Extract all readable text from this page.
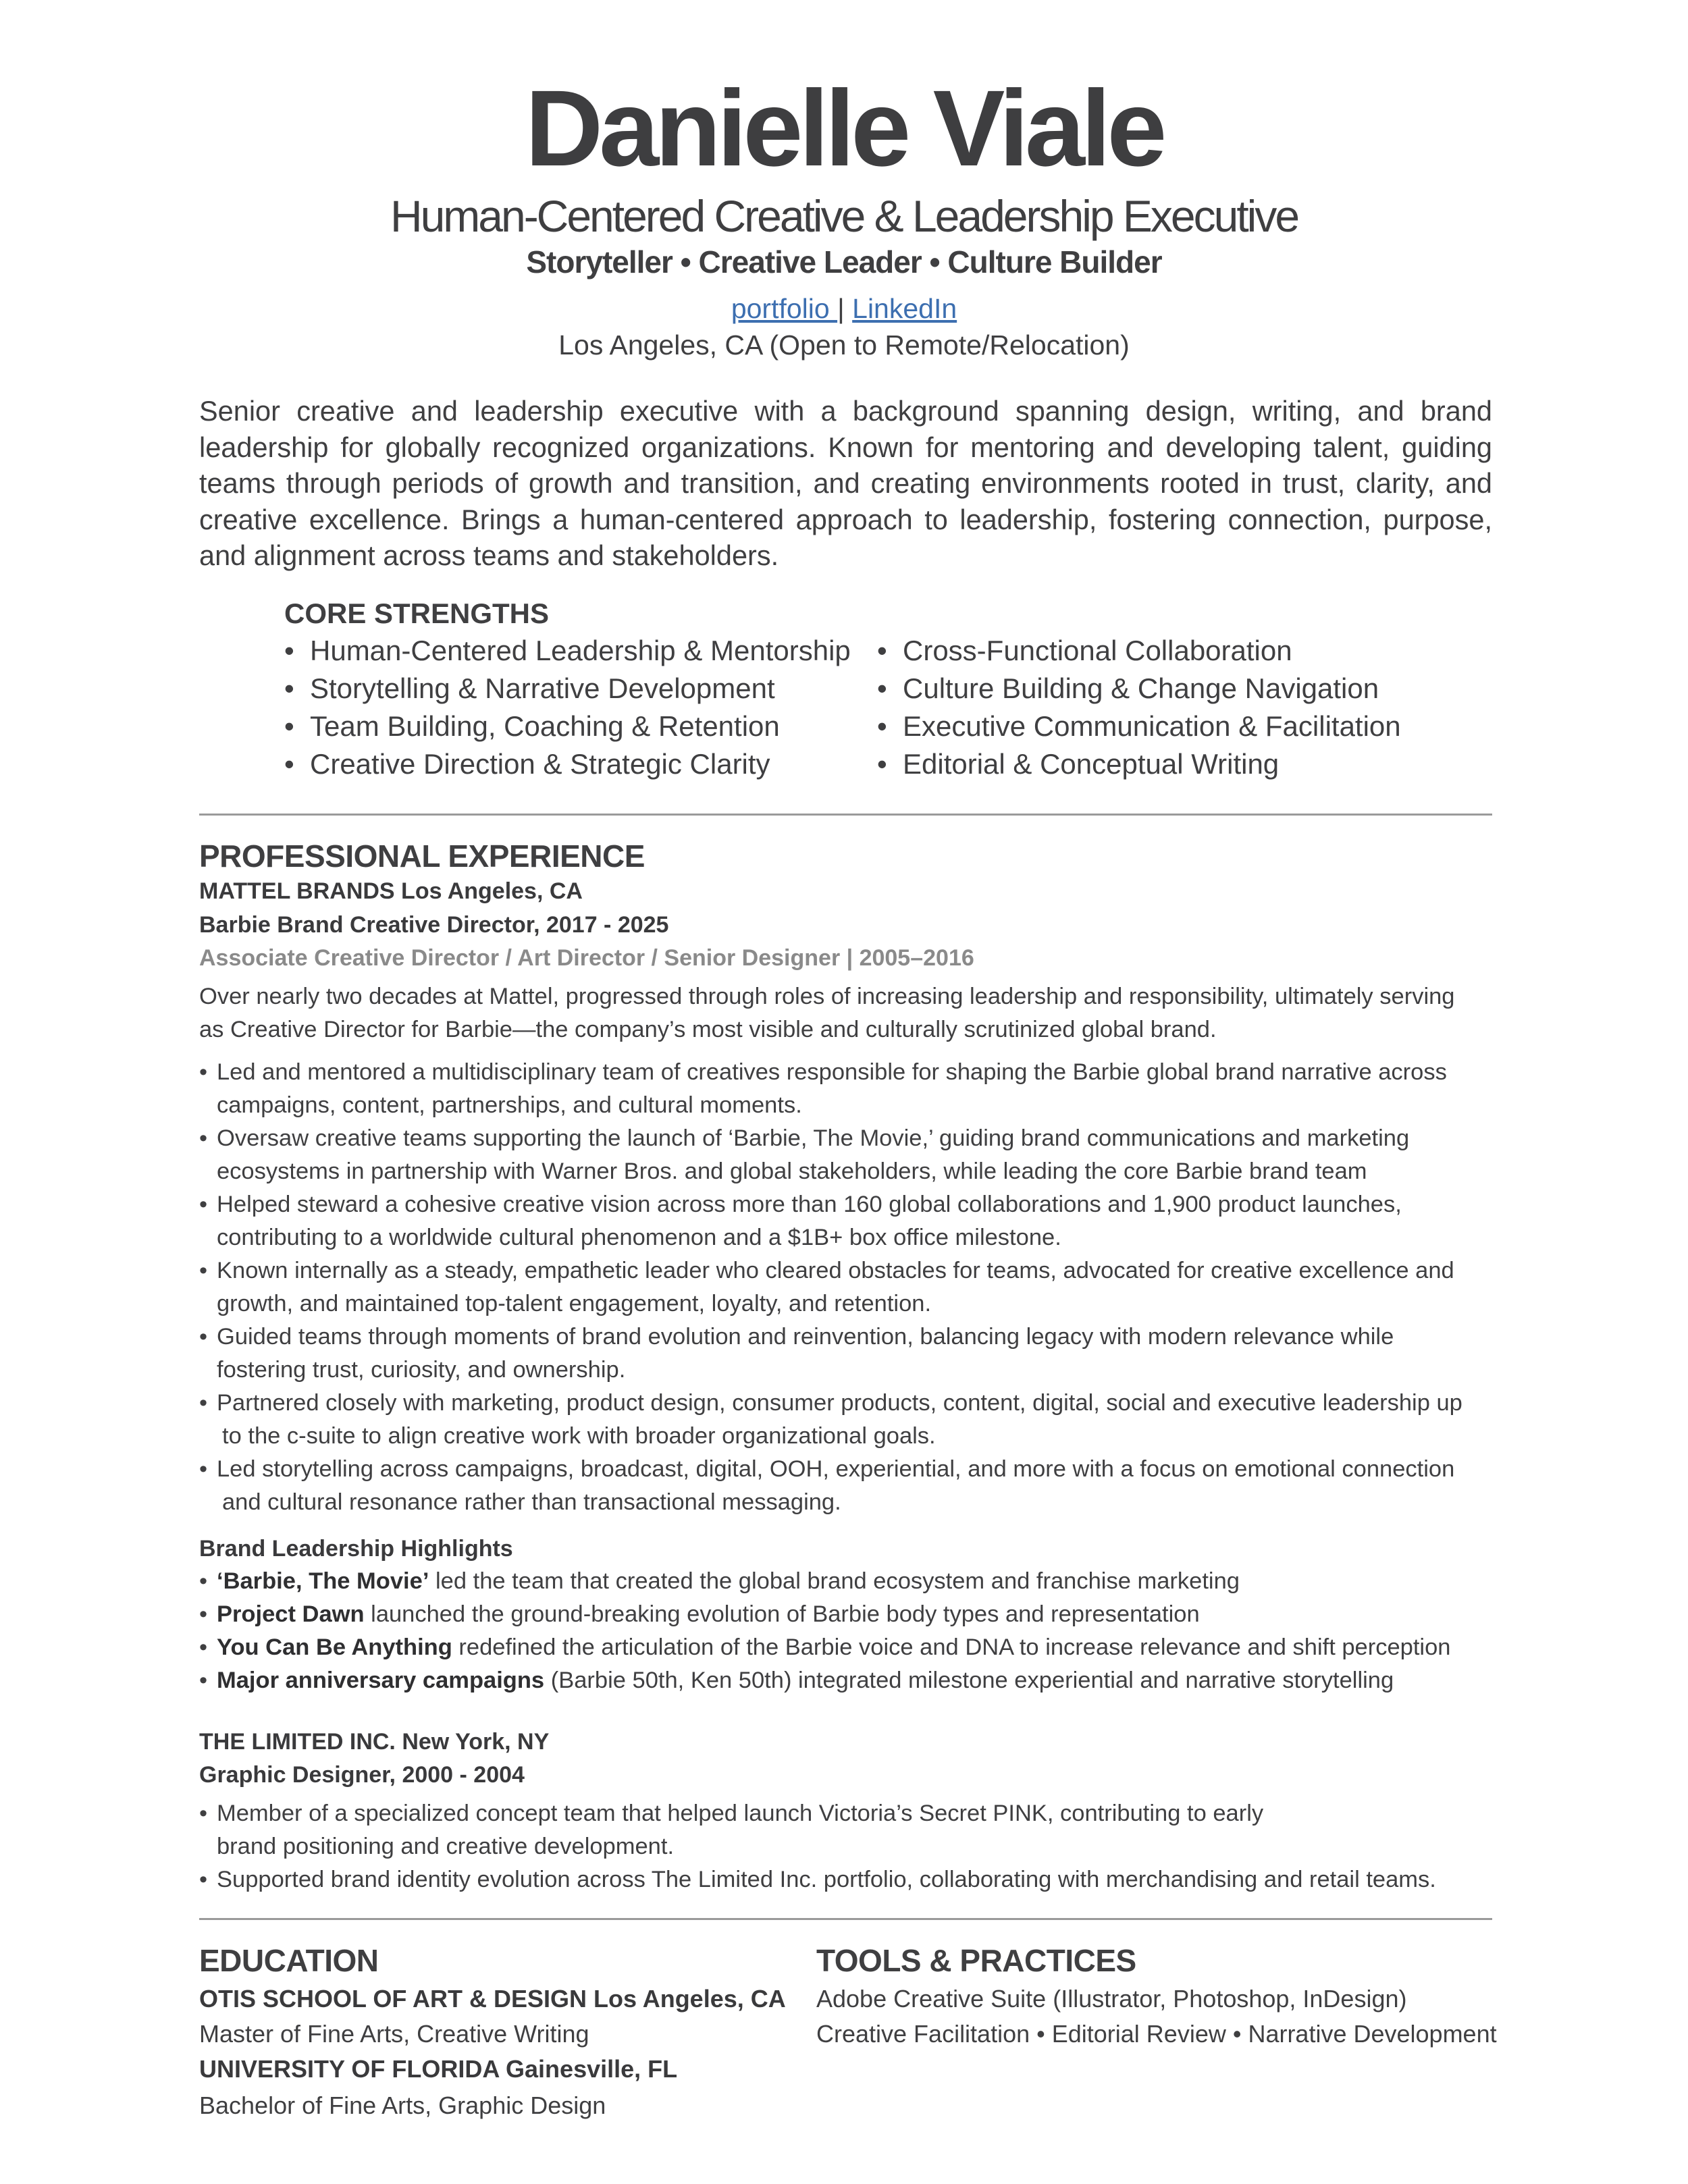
Danielle Viale
Human-Centered Creative & Leadership Executive
Storyteller • Creative Leader • Culture Builder
portfolio | LinkedIn
Los Angeles, CA (Open to Remote/Relocation)

Senior creative and leadership executive with a background spanning design, writing, and brand leadership for globally recognized organizations. Known for mentoring and developing talent, guiding teams through periods of growth and transition, and creating environments rooted in trust, clarity, and creative excellence. Brings a human-centered approach to leadership, fostering connection, purpose, and alignment across teams and stakeholders.

CORE STRENGTHS
• Human-Centered Leadership & Mentorship
• Storytelling & Narrative Development
• Team Building, Coaching & Retention
• Creative Direction & Strategic Clarity
• Cross-Functional Collaboration
• Culture Building & Change Navigation
• Executive Communication & Facilitation
• Editorial & Conceptual Writing
PROFESSIONAL EXPERIENCE
MATTEL BRANDS Los Angeles, CA
Barbie Brand Creative Director, 2017 - 2025
Associate Creative Director / Art Director / Senior Designer | 2005–2016

Over nearly two decades at Mattel, progressed through roles of increasing leadership and responsibility, ultimately serving

as Creative Director for Barbie—the company’s most visible and culturally scrutinized global brand.

• Led and mentored a multidisciplinary team of creatives responsible for shaping the Barbie global brand narrative across
campaigns, content, partnerships, and cultural moments.
• Oversaw creative teams supporting the launch of ‘Barbie, The Movie,’ guiding brand communications and marketing
ecosystems in partnership with Warner Bros. and global stakeholders, while leading the core Barbie brand team
• Helped steward a cohesive creative vision across more than 160 global collaborations and 1,900 product launches,
contributing to a worldwide cultural phenomenon and a $1B+ box office milestone.
• Known internally as a steady, empathetic leader who cleared obstacles for teams, advocated for creative excellence and
growth, and maintained top-talent engagement, loyalty, and retention.
• Guided teams through moments of brand evolution and reinvention, balancing legacy with modern relevance while
fostering trust, curiosity, and ownership.
• Partnered closely with marketing, product design, consumer products, content, digital, social and executive leadership up
to the c-suite to align creative work with broader organizational goals.
• Led storytelling across campaigns, broadcast, digital, OOH, experiential, and more with a focus on emotional connection
and cultural resonance rather than transactional messaging.
Brand Leadership Highlights
• ‘Barbie, The Movie’ led the team that created the global brand ecosystem and franchise marketing
• Project Dawn launched the ground-breaking evolution of Barbie body types and representation
• You Can Be Anything redefined the articulation of the Barbie voice and DNA to increase relevance and shift perception
• Major anniversary campaigns (Barbie 50th, Ken 50th) integrated milestone experiential and narrative storytelling
THE LIMITED INC. New York, NY
Graphic Designer, 2000 - 2004
• Member of a specialized concept team that helped launch Victoria’s Secret PINK, contributing to early
brand positioning and creative development.
• Supported brand identity evolution across The Limited Inc. portfolio, collaborating with merchandising and retail teams.
EDUCATION
OTIS SCHOOL OF ART & DESIGN Los Angeles, CA
Master of Fine Arts, Creative Writing
UNIVERSITY OF FLORIDA Gainesville, FL
Bachelor of Fine Arts, Graphic Design
TOOLS & PRACTICES
Adobe Creative Suite (Illustrator, Photoshop, InDesign)
Creative Facilitation • Editorial Review • Narrative Development
